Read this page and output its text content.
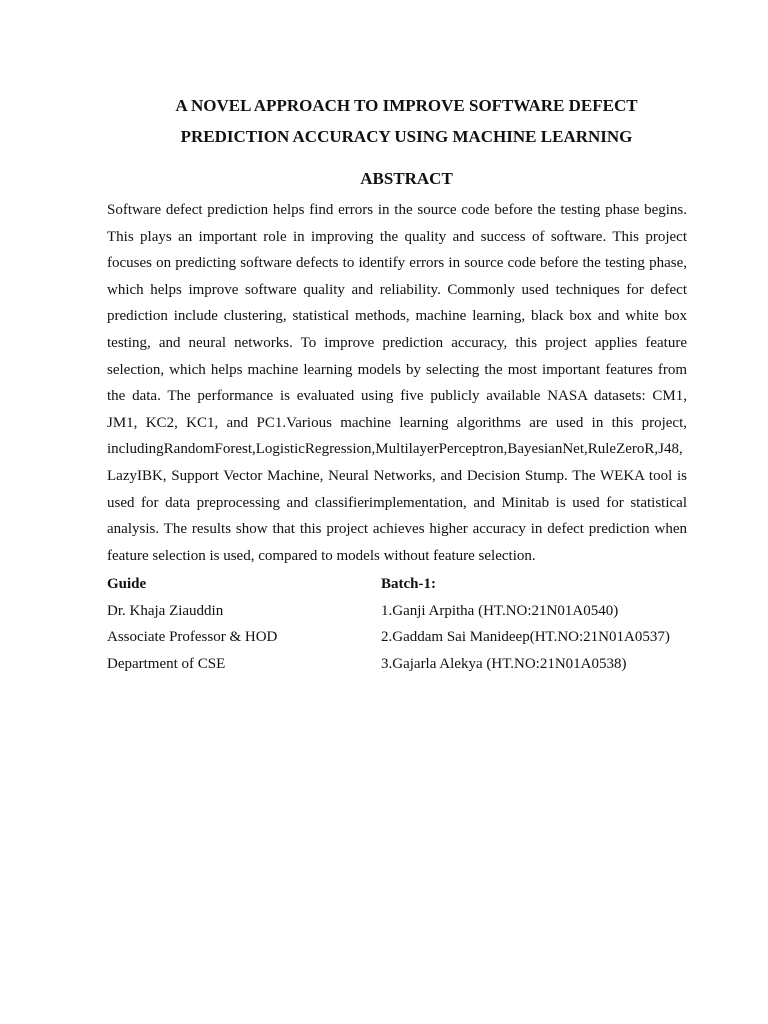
A NOVEL APPROACH TO IMPROVE SOFTWARE DEFECT
PREDICTION ACCURACY USING MACHINE LEARNING
ABSTRACT
Software defect prediction helps find errors in the source code before the testing phase begins.
This plays an important role in improving the quality and success of software. This project
focuses on predicting software defects to identify errors in source code before the testing phase,
which helps improve software quality and reliability. Commonly used techniques for defect
prediction include clustering, statistical methods, machine learning, black box and white box
testing, and neural networks. To improve prediction accuracy, this project applies feature
selection, which helps machine learning models by selecting the most important features from
the data. The performance is evaluated using five publicly available NASA datasets: CM1,
JM1, KC2, KC1, and PC1.Various machine learning algorithms are used in this project,
includingRandomForest,LogisticRegression,MultilayerPerceptron,BayesianNet,RuleZeroR,J48,
LazyIBK, Support Vector Machine, Neural Networks, and Decision Stump. The WEKA tool is
used for data preprocessing and classifierimplementation, and Minitab is used for statistical
analysis. The results show that this project achieves higher accuracy in defect prediction when
feature selection is used, compared to models without feature selection.
Guide	Batch-1:
Dr. Khaja Ziauddin	1.Ganji Arpitha (HT.NO:21N01A0540)
Associate Professor & HOD	2.Gaddam Sai Manideep(HT.NO:21N01A0537)
Department of CSE	3.Gajarla Alekya (HT.NO:21N01A0538)
